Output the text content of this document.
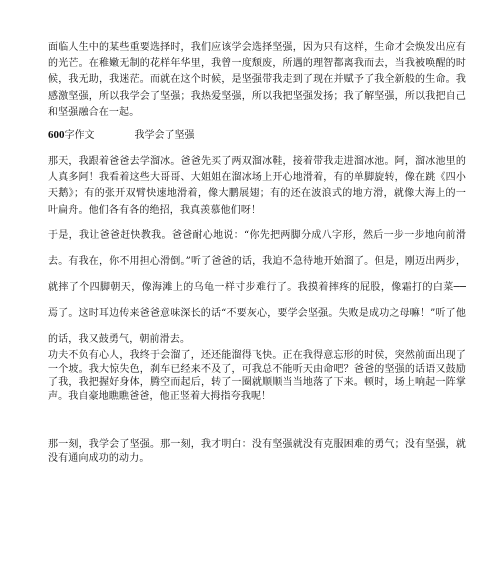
面临人生中的某些重要选择时，我们应该学会选择坚强，因为只有这样，生命才会焕发出应有的光芒。在稚嫩无制的花样年华里，我曾一度颓废，所遇的理智都离我而去，当我被唤醒的时候，我无助，我迷茫。而就在这个时候，是坚强带我走到了现在并赋予了我全新般的生命。我感激坚强，所以我学会了坚强；我热爱坚强，所以我把坚强发扬；我了解坚强，所以我把自己和坚强融合在一起。

600字作文	我学会了坚强

那天，我跟着爸爸去学溜冰。爸爸先买了两双溜冰鞋，接着带我走进溜冰池。阿，溜冰池里的人真多阿！我看着这些大哥哥、大姐姐在溜冰场上开心地滑着，有的单脚旋转，像在跳《四小天鹅》；有的张开双臂快速地滑着，像大鹏展翅；有的还在波浪式的地方滑，就像大海上的一叶扁舟。他们各有各的绝招，我真羡慕他们呀！

于是，我让爸爸赶快教我。爸爸耐心地说：“你先把两脚分成八字形，然后一步一步地向前滑去。有我在，你不用担心滑倒。”听了爸爸的话，我迫不急待地开始溜了。但是，刚迈出两步，就摔了个四脚朝天，像海滩上的乌龟一样寸步难行了。我摸着摔疼的屁股，像霜打的白菜──焉了。这时耳边传来爸爸意味深长的话“不要灰心，要学会坚强。失败是成功之母嘛！”听了他的话，我又鼓勇气，朝前滑去。

功夫不负有心人，我终于会溜了，还还能溜得飞快。正在我得意忘形的时侯，突然前面出现了一个坡。我大惊失色，刹车已经来不及了，可我总不能听天由命吧？爸爸的坚强的话语又鼓励了我，我把握好身体，腾空而起后，转了一圈就顺顺当当地落了下来。顿时，场上响起一阵掌声。我自豪地瞧瞧爸爸，他正竖着大拇指夸我呢！

那一刻，我学会了坚强。那一刻，我才明白：没有坚强就没有克服困难的勇气；没有坚强，就没有通向成功的动力。
